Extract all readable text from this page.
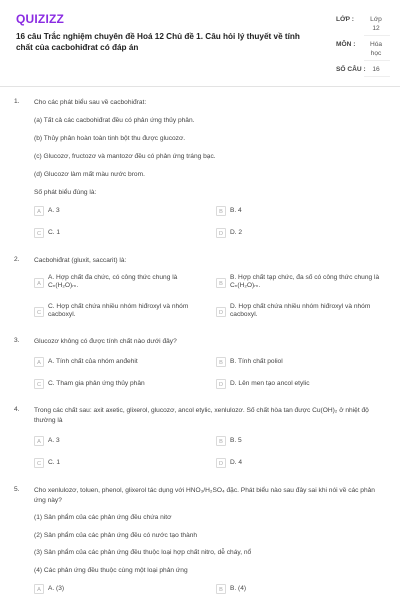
QUIZIZZ
16 câu Trắc nghiệm chuyên đề Hoá 12 Chủ đề 1. Câu hỏi lý thuyết về tính chất của cacbohiđrat có đáp án
LỚP :	Lớp
12
MÔN :	Hóa
học
SỐ CÂU :	16
1. Cho các phát biểu sau về cacbohiđrat:
(a) Tất cả các cacbohiđrat đều có phản ứng thủy phân.
(b) Thủy phân hoàn toàn tinh bột thu được glucozơ.
(c) Glucozơ, fructozơ và mantozơ đều có phản ứng tráng bạc.
(d) Glucozơ làm mất màu nước brom.
Số phát biểu đúng là:
A	A. 3	B	B. 4
C	C. 1	D	D. 2
2. Cacbohiđrat (gluxit, saccarit) là:
A
A. Hợp chất đa chức, có công thức chung là
Cₙ(H₂O)ₘ.	B
B. Hợp chất tạp chức, đa số có công thức chung là
Cₙ(H₂O)ₘ.
C
C. Hợp chất chứa nhiều nhóm hiđroxyl và nhóm
cacboxyl.	D
D. Hợp chất chứa nhiều nhóm hiđroxyl và nhóm
cacboxyl.
3. Glucozơ không có được tính chất nào dưới đây?
A	A. Tính chất của nhóm anđehit	B	B. Tính chất poliol
C	C. Tham gia phản ứng thủy phân	D	D. Lên men tạo ancol etylic
4. Trong các chất sau: axit axetic, glixerol, glucozơ, ancol etylic, xenlulozơ. Số chất hòa tan được Cu(OH)₂ ở nhiệt độ thường là
A	A. 3	B	B. 5
C	C. 1	D	D. 4
5. Cho xenlulozơ, toluen, phenol, glixerol tác dụng với HNO₃/H₂SO₄ đặc. Phát biểu nào sau đây sai khi nói về các phản ứng này?
(1) Sản phẩm của các phản ứng đều chứa nitơ
(2) Sản phẩm của các phản ứng đều có nước tạo thành
(3) Sản phẩm của các phản ứng đều thuộc loại hợp chất nitro, dễ cháy, nổ
(4) Các phản ứng đều thuộc cùng một loại phản ứng
A	A. (3)	B	B. (4)
